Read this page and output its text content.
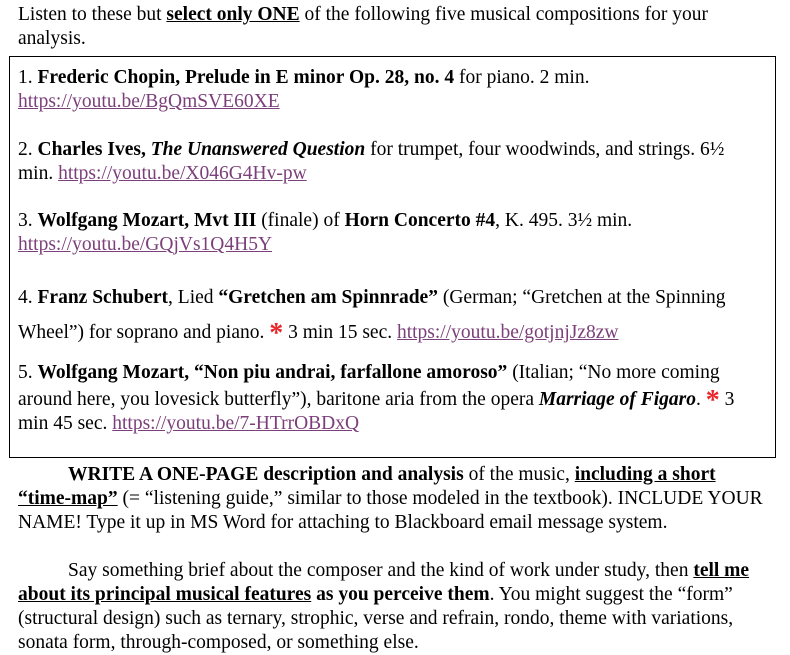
Listen to these but select only ONE of the following five musical compositions for your analysis.
1. Frederic Chopin, Prelude in E minor Op. 28, no. 4 for piano. 2 min.
https://youtu.be/BgQmSVE60XE
2. Charles Ives, The Unanswered Question for trumpet, four woodwinds, and strings. 6½ min. https://youtu.be/X046G4Hv-pw
3. Wolfgang Mozart, Mvt III (finale) of Horn Concerto #4, K. 495. 3½ min.
https://youtu.be/GQjVs1Q4H5Y
4. Franz Schubert, Lied “Gretchen am Spinnrade” (German; “Gretchen at the Spinning Wheel”) for soprano and piano. * 3 min 15 sec. https://youtu.be/gotjnjJz8zw
5. Wolfgang Mozart, “Non piu andrai, farfallone amoroso” (Italian; “No more coming around here, you lovesick butterfly”), baritone aria from the opera Marriage of Figaro. * 3 min 45 sec. https://youtu.be/7-HTrrOBDxQ
WRITE A ONE-PAGE description and analysis of the music, including a short “time-map” (= “listening guide,” similar to those modeled in the textbook). INCLUDE YOUR NAME! Type it up in MS Word for attaching to Blackboard email message system.
Say something brief about the composer and the kind of work under study, then tell me about its principal musical features as you perceive them. You might suggest the “form” (structural design) such as ternary, strophic, verse and refrain, rondo, theme with variations, sonata form, through-composed, or something else.
